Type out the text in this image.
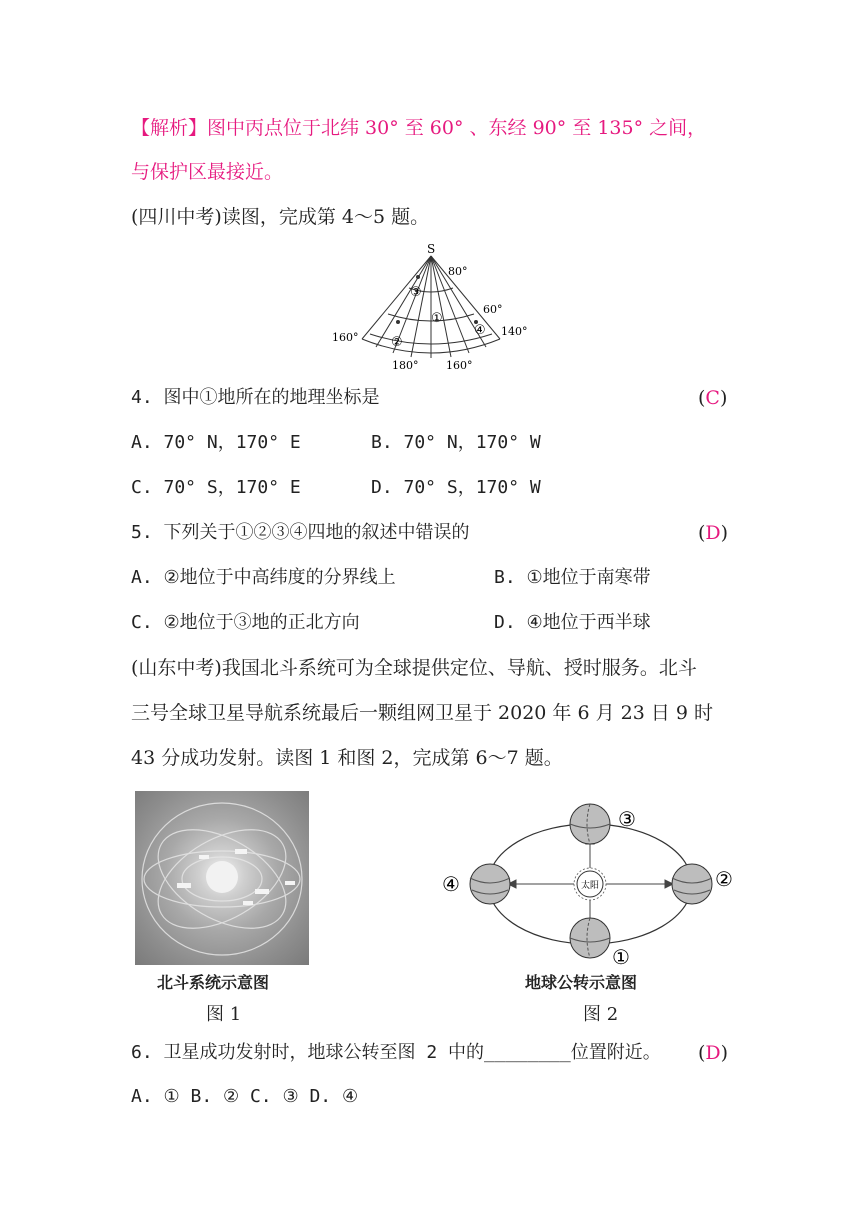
【解析】图中丙点位于北纬 30° 至 60° 、东经 90° 至 135° 之间，
与保护区最接近。
(四川中考)读图，完成第 4～5 题。
S
80°
60°
160°
180°	160°
140°
③
①
②
④
4. 图中①地所在的地理坐标是	(C)
A. 70° N，170° E	B. 70° N，170° W
C. 70° S，170° E	D. 70° S，170° W
5. 下列关于①②③④四地的叙述中错误的	(D)
A. ②地位于中高纬度的分界线上	B. ①地位于南寒带
C. ②地位于③地的正北方向	D. ④地位于西半球
(山东中考)我国北斗系统可为全球提供定位、导航、授时服务。北斗
三号全球卫星导航系统最后一颗组网卫星于 2020 年 6 月 23 日 9 时
43 分成功发射。读图 1 和图 2，完成第 6～7 题。
北斗系统示意图
图 1
太阳
③
①
④	②
地球公转示意图
图 2
6. 卫星成功发射时，地球公转至图 2 中的________位置附近。 (D)
A. ① B. ② C. ③ D. ④
